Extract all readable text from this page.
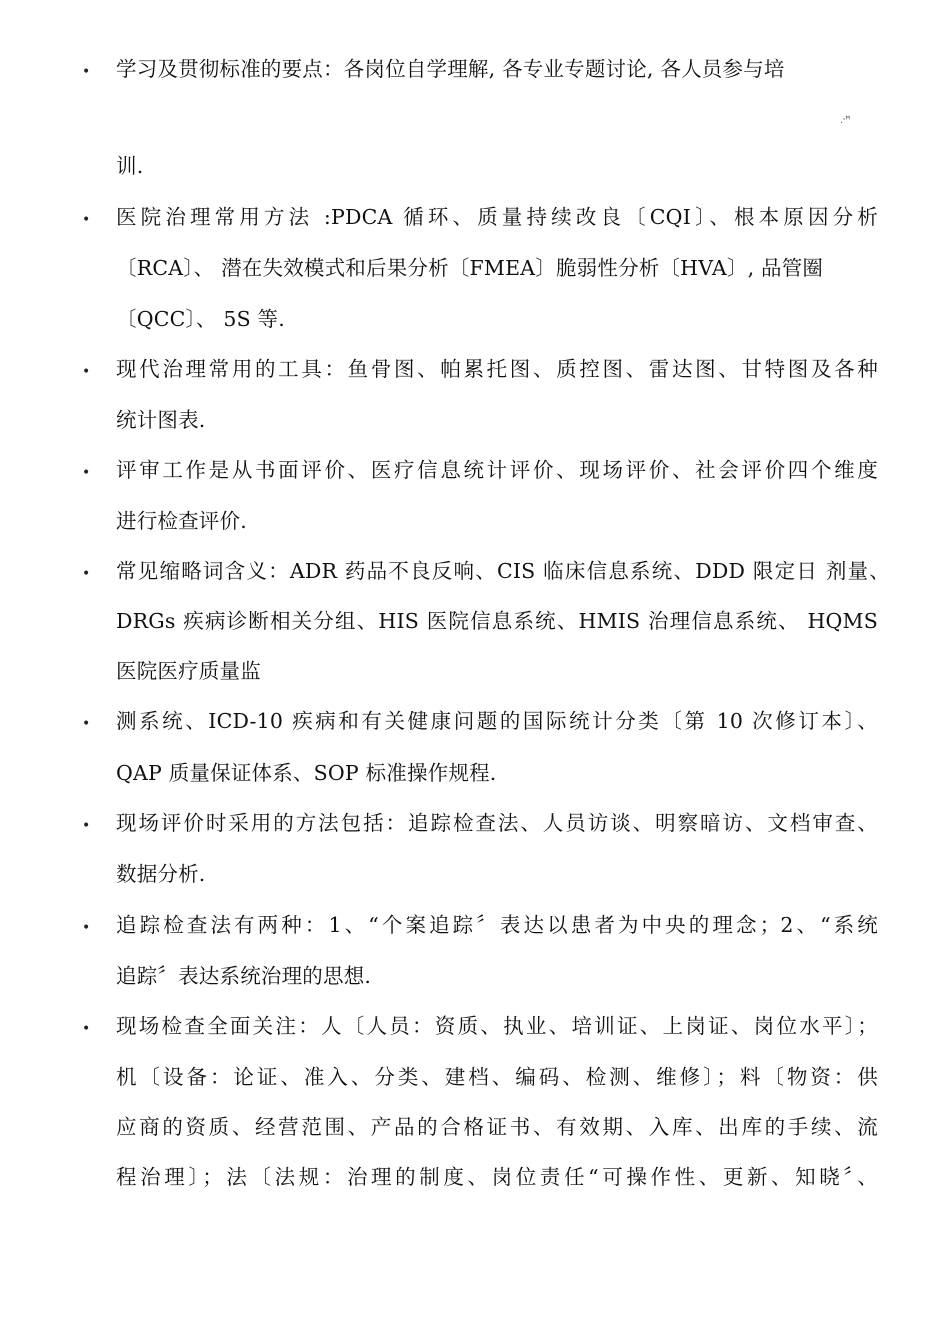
.᠊ꟸ
• 学习及贯彻标准的要点：各岗位自学理解, 各专业专题讨论, 各人员参与培
训.
• 医院治理常用方法 :PDCA 循环、质量持续改良〔CQI〕、根本原因分析
〔RCA〕、 潜在失效模式和后果分析〔FMEA〕脆弱性分析〔HVA〕, 品管圈
〔QCC〕、 5S 等.
• 现代治理常用的工具：鱼骨图、帕累托图、质控图、雷达图、甘特图及各种
统计图表.
• 评审工作是从书面评价、医疗信息统计评价、现场评价、社会评价四个维度
进行检查评价.
• 常见缩略词含义：ADR 药品不良反响、CIS 临床信息系统、DDD 限定日 剂量、
DRGs 疾病诊断相关分组、HIS 医院信息系统、HMIS 治理信息系统、 HQMS
医院医疗质量监
• 测系统、ICD-10 疾病和有关健康问题的国际统计分类〔第 10 次修订本〕、
QAP 质量保证体系、SOP 标准操作规程.
• 现场评价时采用的方法包括：追踪检查法、人员访谈、明察暗访、文档审查、
数据分析.
• 追踪检查法有两种：1、“个案追踪〞表达以患者为中央的理念；2、“系统
追踪〞表达系统治理的思想.
• 现场检查全面关注：人〔人员：资质、执业、培训证、上岗证、岗位水平〕；
机〔设备：论证、准入、分类、建档、编码、检测、维修〕；料〔物资：供
应商的资质、经营范围、产品的合格证书、有效期、入库、出库的手续、流
程治理〕；法〔法规：治理的制度、岗位责任“可操作性、更新、知晓〞、
